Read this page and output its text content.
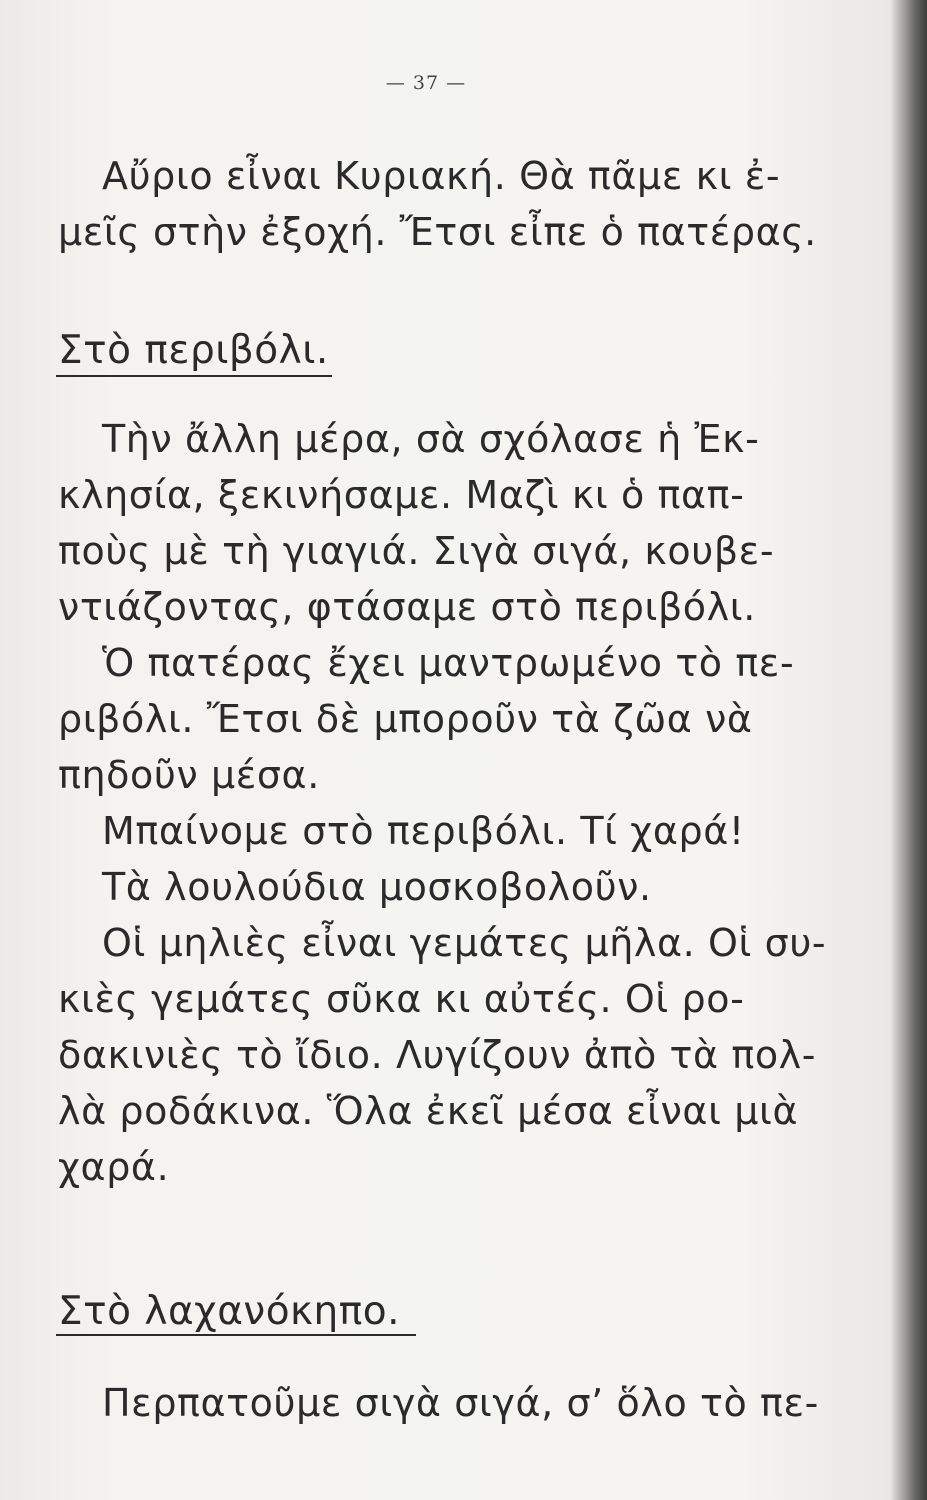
— 37 —
Αὔριο εἶναι Κυριακή. Θὰ πᾶμε κι ἐ-
μεῖς στὴν ἐξοχή. Ἔτσι εἶπε ὁ πατέρας.
Στὸ περιβόλι.
Τὴν ἄλλη μέρα, σὰ σχόλασε ἡ Ἐκ-
κλησία, ξεκινήσαμε. Μαζὶ κι ὁ παπ-
ποὺς μὲ τὴ γιαγιά. Σιγὰ σιγά, κουβε-
ντιάζοντας, φτάσαμε στὸ περιβόλι.
Ὁ πατέρας ἔχει μαντρωμένο τὸ πε-
ριβόλι. Ἔτσι δὲ μποροῦν τὰ ζῶα νὰ
πηδοῦν μέσα.
Μπαίνομε στὸ περιβόλι. Τί χαρά!
Τὰ λουλούδια μοσκοβολοῦν.
Οἱ μηλιὲς εἶναι γεμάτες μῆλα. Οἱ συ-
κιὲς γεμάτες σῦκα κι αὐτές. Οἱ ρο-
δακινιὲς τὸ ἴδιο. Λυγίζουν ἀπὸ τὰ πολ-
λὰ ροδάκινα. Ὅλα ἐκεῖ μέσα εἶναι μιὰ
χαρά.
Στὸ λαχανόκηπο.
Περπατοῦμε σιγὰ σιγά, σ’ ὅλο τὸ πε-
